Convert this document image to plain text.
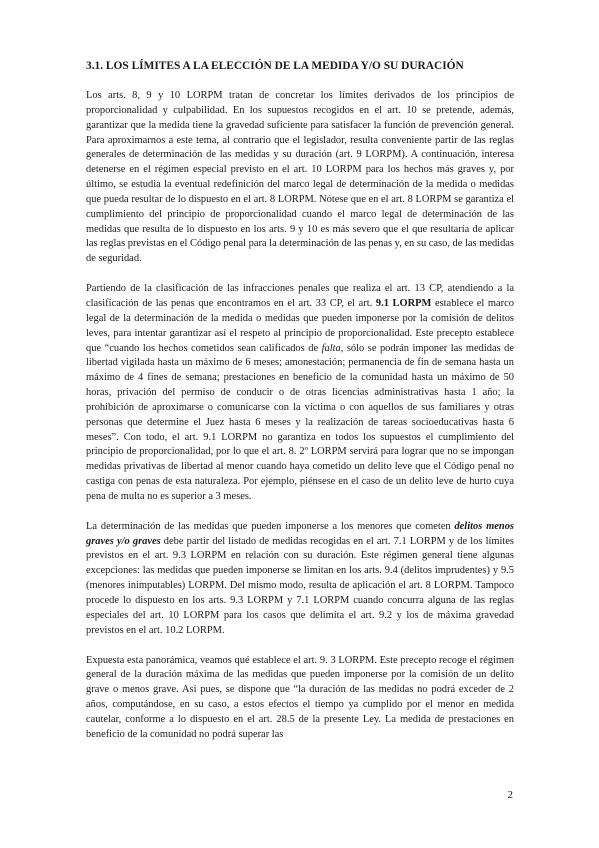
3.1. LOS LÍMITES A LA ELECCIÓN DE LA MEDIDA Y/O SU DURACIÓN

Los arts. 8, 9 y 10 LORPM tratan de concretar los límites derivados de los principios de proporcionalidad y culpabilidad. En los supuestos recogidos en el art. 10 se pretende, además, garantizar que la medida tiene la gravedad suficiente para satisfacer la función de prevención general. Para aproximarnos a este tema, al contrario que el legislador, resulta conveniente partir de las reglas generales de determinación de las medidas y su duración (art. 9 LORPM). A continuación, interesa detenerse en el régimen especial previsto en el art. 10 LORPM para los hechos más graves y, por último, se estudia la eventual redefinición del marco legal de determinación de la medida o medidas que pueda resultar de lo dispuesto en el art. 8 LORPM. Nótese que en el art. 8 LORPM se garantiza el cumplimiento del principio de proporcionalidad cuando el marco legal de determinación de las medidas que resulta de lo dispuesto en los arts. 9 y 10 es más severo que el que resultaría de aplicar las reglas previstas en el Código penal para la determinación de las penas y, en su caso, de las medidas de seguridad.

Partiendo de la clasificación de las infracciones penales que realiza el art. 13 CP, atendiendo a la clasificación de las penas que encontramos en el art. 33 CP, el art. 9.1 LORPM establece el marco legal de la determinación de la medida o medidas que pueden imponerse por la comisión de delitos leves, para intentar garantizar así el respeto al principio de proporcionalidad. Este precepto establece que “cuando los hechos cometidos sean calificados de falta, sólo se podrán imponer las medidas de libertad vigilada hasta un máximo de 6 meses; amonestación; permanencia de fin de semana hasta un máximo de 4 fines de semana; prestaciones en beneficio de la comunidad hasta un máximo de 50 horas, privación del permiso de conducir o de otras licencias administrativas hasta 1 año; la prohibición de aproximarse o comunicarse con la víctima o con aquellos de sus familiares y otras personas que determine el Juez hasta 6 meses y la realización de tareas socioeducativas hasta 6 meses”. Con todo, el art. 9.1 LORPM no garantiza en todos los supuestos el cumplimiento del principio de proporcionalidad, por lo que el art. 8. 2º LORPM servirá para lograr que no se impongan medidas privativas de libertad al menor cuando haya cometido un delito leve que el Código penal no castiga con penas de esta naturaleza. Por ejemplo, piénsese en el caso de un delito leve de hurto cuya pena de multa no es superior a 3 meses.

La determinación de las medidas que pueden imponerse a los menores que cometen delitos menos graves y/o graves debe partir del listado de medidas recogidas en el art. 7.1 LORPM y de los límites previstos en el art. 9.3 LORPM en relación con su duración. Este régimen general tiene algunas excepciones: las medidas que pueden imponerse se limitan en los arts. 9.4 (delitos imprudentes) y 9.5 (menores inimputables) LORPM. Del mismo modo, resulta de aplicación el art. 8 LORPM. Tampoco procede lo dispuesto en los arts. 9.3 LORPM y 7.1 LORPM cuando concurra alguna de las reglas especiales del art. 10 LORPM para los casos que delimita el art. 9.2 y los de máxima gravedad previstos en el art. 10.2 LORPM.

Expuesta esta panorámica, veamos qué establece el art. 9. 3 LORPM. Este precepto recoge el régimen general de la duración máxima de las medidas que pueden imponerse por la comisión de un delito grave o menos grave. Así pues, se dispone que “la duración de las medidas no podrá exceder de 2 años, computándose, en su caso, a estos efectos el tiempo ya cumplido por el menor en medida cautelar, conforme a lo dispuesto en el art. 28.5 de la presente Ley. La medida de prestaciones en beneficio de la comunidad no podrá superar las

2
